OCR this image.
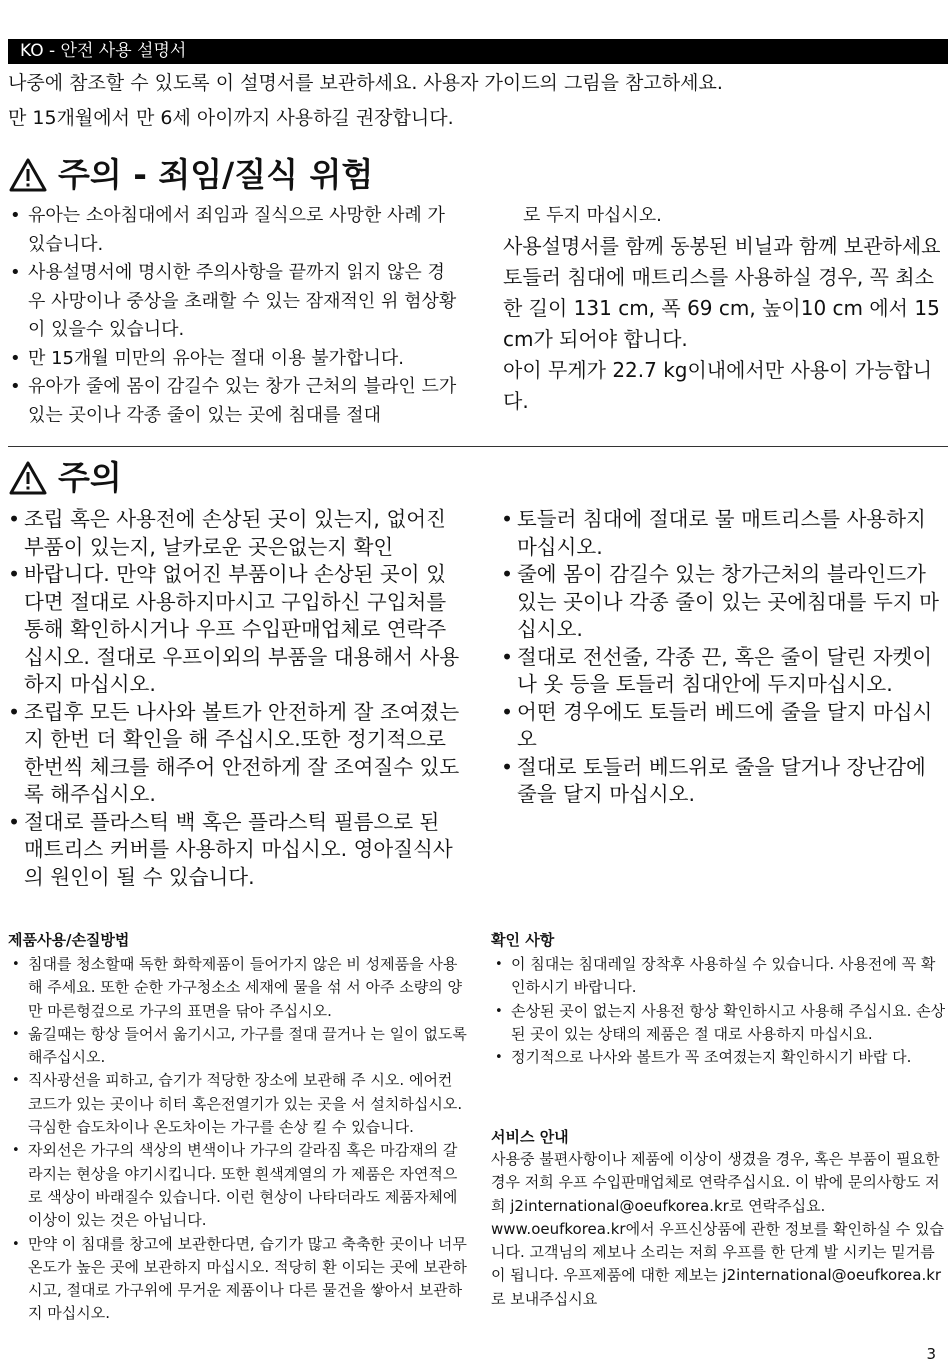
KO - 안전 사용 설명서
나중에 참조할 수 있도록 이 설명서를 보관하세요. 사용자 가이드의 그림을 참고하세요.
만 15개월에서 만 6세 아이까지 사용하길 권장합니다.
주의 - 죄임/질식 위험
• 유아는 소아침대에서 죄임과 질식으로 사망한 사례 가 있습니다.
• 사용설명서에 명시한 주의사항을 끝까지 읽지 않은 경우 사망이나 중상을 초래할 수 있는 잠재적인 위 험상황이 있을수 있습니다.
• 만 15개월 미만의 유아는 절대 이용 불가합니다.
• 유아가 줄에 몸이 감길수 있는 창가 근처의 블라인 드가 있는 곳이나 각종 줄이 있는 곳에 침대를 절대
로 두지 마십시오.
사용설명서를 함께 동봉된 비닐과 함께 보관하세요
토들러 침대에 매트리스를 사용하실 경우, 꼭 최소한 길이 131 cm, 폭 69 cm, 높이10 cm 에서 15 cm가 되어야 합니다.
아이 무게가 22.7 kg이내에서만 사용이 가능합니다.
주의
• 조립 혹은 사용전에 손상된 곳이 있는지, 없어진 부품이 있는지, 날카로운 곳은없는지 확인
• 바랍니다. 만약 없어진 부품이나 손상된 곳이 있다면 절대로 사용하지마시고 구입하신 구입처를 통해 확인하시거나 우프 수입판매업체로 연락주십시오. 절대로 우프이외의 부품을 대용해서 사용하지 마십시오.
• 조립후 모든 나사와 볼트가 안전하게 잘 조여졌는지 한번 더 확인을 해 주십시오.또한 정기적으로 한번씩 체크를 해주어 안전하게 잘 조여질수 있도록 해주십시오.
• 절대로 플라스틱 백 혹은 플라스틱 필름으로 된 매트리스 커버를 사용하지 마십시오. 영아질식사의 원인이 될 수 있습니다.
• 토들러 침대에 절대로 물 매트리스를 사용하지 마십시오.
• 줄에 몸이 감길수 있는 창가근처의 블라인드가 있는 곳이나 각종 줄이 있는 곳에침대를 두지 마십시오.
• 절대로 전선줄, 각종 끈, 혹은 줄이 달린 자켓이나 옷 등을 토들러 침대안에 두지마십시오.
• 어떤 경우에도 토들러 베드에 줄을 달지 마십시오
• 절대로 토들러 베드위로 줄을 달거나 장난감에 줄을 달지 마십시오.
제품사용/손질방법
• 침대를 청소할때 독한 화학제품이 들어가지 않은 비 성제품을 사용해 주세요. 또한 순한 가구청소소 세재에 물을 섞 서 아주 소량의 양만 마른헝겊으로 가구의 표면을 닦아 주십시오.
• 옮길때는 항상 들어서 옮기시고, 가구를 절대 끌거나 는 일이 없도록 해주십시오.
• 직사광선을 피하고, 습기가 적당한 장소에 보관해 주 시오. 에어컨 코드가 있는 곳이나 히터 혹은전열기가 있는 곳을 서 설치하십시오. 극심한 습도차이나 온도차이는 가구를 손상 킬 수 있습니다.
• 자외선은 가구의 색상의 변색이나 가구의 갈라짐 혹은 마감재의 갈라지는 현상을 야기시킵니다. 또한 흰색계열의 가 제품은 자연적으로 색상이 바래질수 있습니다. 이런 현상이 나타더라도 제품자체에 이상이 있는 것은 아닙니다.
• 만약 이 침대를 창고에 보관한다면, 습기가 많고 축축한 곳이나 너무 온도가 높은 곳에 보관하지 마십시오. 적당히 환 이되는 곳에 보관하시고, 절대로 가구위에 무거운 제품이나 다른 물건을 쌓아서 보관하지 마십시오.
확인 사항
• 이 침대는 침대레일 장착후 사용하실 수 있습니다. 사용전에 꼭 확인하시기 바랍니다.
• 손상된 곳이 없는지 사용전 항상 확인하시고 사용해 주십시요. 손상된 곳이 있는 상태의 제품은 절 대로 사용하지 마십시요.
• 정기적으로 나사와 볼트가 꼭 조여졌는지 확인하시기 바랍 다.
서비스 안내

사용중 불편사항이나 제품에 이상이 생겼을 경우, 혹은 부품이 필요한 경우 저희 우프 수입판매업체로 연락주십시요. 이 밖에 문의사항도 저희 j2international@oeufkorea.kr로 연락주십요.

www.oeufkorea.kr에서 우프신상품에 관한 정보를 확인하실 수 있습니다. 고객님의 제보나 소리는 저희 우프를 한 단계 발 시키는 밑거름이 됩니다. 우프제품에 대한 제보는 j2international@oeufkorea.kr로 보내주십시요

3
